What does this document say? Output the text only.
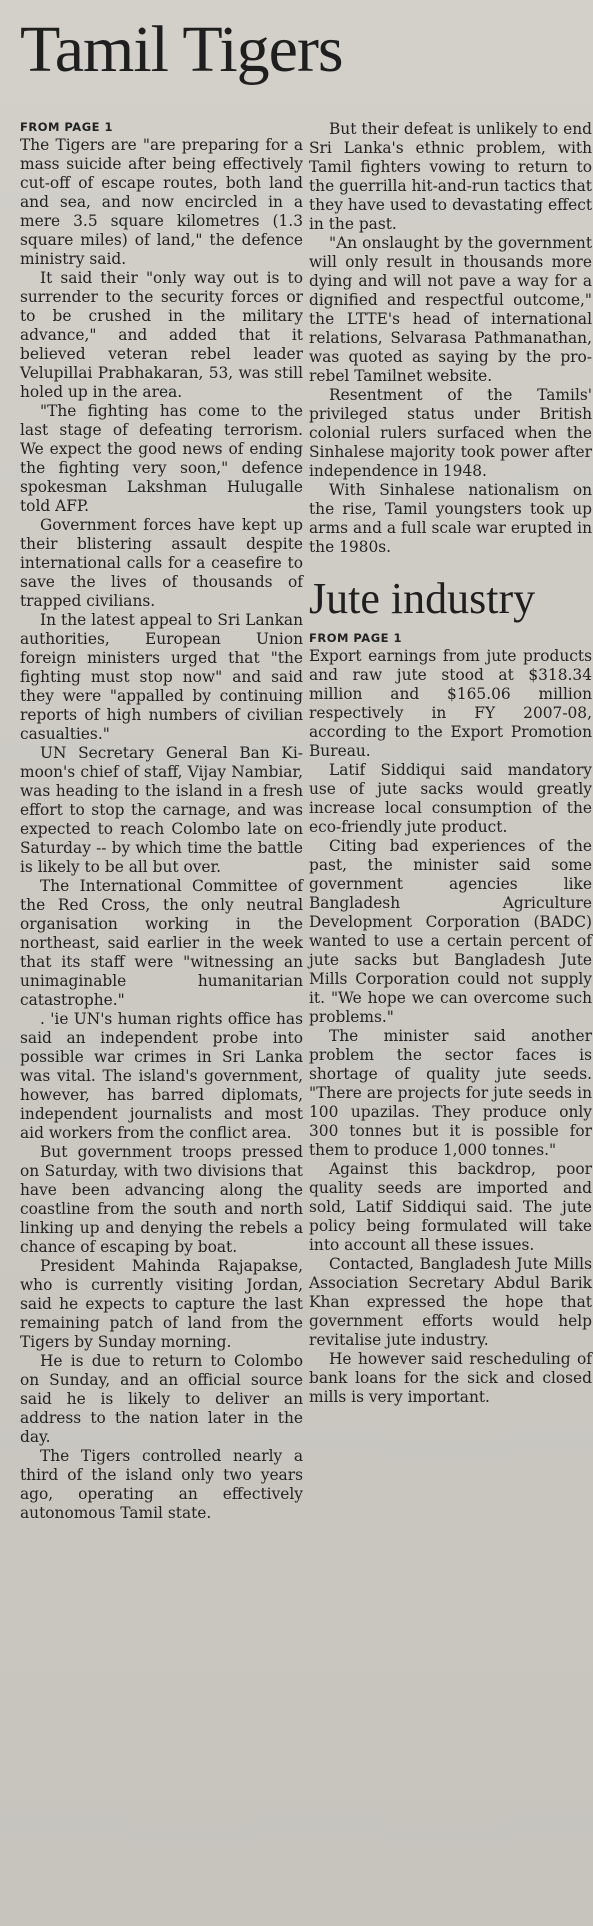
Tamil Tigers
FROM PAGE 1

The Tigers are "are preparing for a mass suicide after being effectively cut-off of escape routes, both land and sea, and now encircled in a mere 3.5 square kilometres (1.3 square miles) of land," the defence ministry said.

It said their "only way out is to surrender to the security forces or to be crushed in the military advance," and added that it believed veteran rebel leader Velupillai Prabhakaran, 53, was still holed up in the area.

"The fighting has come to the last stage of defeating terrorism. We expect the good news of ending the fighting very soon," defence spokesman Lakshman Hulugalle told AFP.

Government forces have kept up their blistering assault despite international calls for a ceasefire to save the lives of thousands of trapped civilians.

In the latest appeal to Sri Lankan authorities, European Union foreign ministers urged that "the fighting must stop now" and said they were "appalled by continuing reports of high numbers of civilian casualties."

UN Secretary General Ban Ki-moon's chief of staff, Vijay Nambiar, was heading to the island in a fresh effort to stop the carnage, and was expected to reach Colombo late on Saturday -- by which time the battle is likely to be all but over.

The International Committee of the Red Cross, the only neutral organisation working in the northeast, said earlier in the week that its staff were "witnessing an unimaginable humanitarian catastrophe."

. 'ie UN's human rights office has said an independent probe into possible war crimes in Sri Lanka was vital. The island's government, however, has barred diplomats, independent journalists and most aid workers from the conflict area.

But government troops pressed on Saturday, with two divisions that have been advancing along the coastline from the south and north linking up and denying the rebels a chance of escaping by boat.

President Mahinda Rajapakse, who is currently visiting Jordan, said he expects to capture the last remaining patch of land from the Tigers by Sunday morning.

He is due to return to Colombo on Sunday, and an official source said he is likely to deliver an address to the nation later in the day.

The Tigers controlled nearly a third of the island only two years ago, operating an effectively autonomous Tamil state.

But their defeat is unlikely to end Sri Lanka's ethnic problem, with Tamil fighters vowing to return to the guerrilla hit-and-run tactics that they have used to devastating effect in the past.

"An onslaught by the government will only result in thousands more dying and will not pave a way for a dignified and respectful outcome," the LTTE's head of international relations, Selvarasa Pathmanathan, was quoted as saying by the pro-rebel Tamilnet website.

Resentment of the Tamils' privileged status under British colonial rulers surfaced when the Sinhalese majority took power after independence in 1948.

With Sinhalese nationalism on the rise, Tamil youngsters took up arms and a full scale war erupted in the 1980s.

Jute industry
FROM PAGE 1

Export earnings from jute products and raw jute stood at $318.34 million and $165.06 million respectively in FY 2007-08, according to the Export Promotion Bureau.

Latif Siddiqui said mandatory use of jute sacks would greatly increase local consumption of the eco-friendly jute product.

Citing bad experiences of the past, the minister said some government agencies like Bangladesh Agriculture Development Corporation (BADC) wanted to use a certain percent of jute sacks but Bangladesh Jute Mills Corporation could not supply it. "We hope we can overcome such problems."

The minister said another problem the sector faces is shortage of quality jute seeds. "There are projects for jute seeds in 100 upazilas. They produce only 300 tonnes but it is possible for them to produce 1,000 tonnes."

Against this backdrop, poor quality seeds are imported and sold, Latif Siddiqui said. The jute policy being formulated will take into account all these issues.

Contacted, Bangladesh Jute Mills Association Secretary Abdul Barik Khan expressed the hope that government efforts would help revitalise jute industry.

He however said rescheduling of bank loans for the sick and closed mills is very important.
